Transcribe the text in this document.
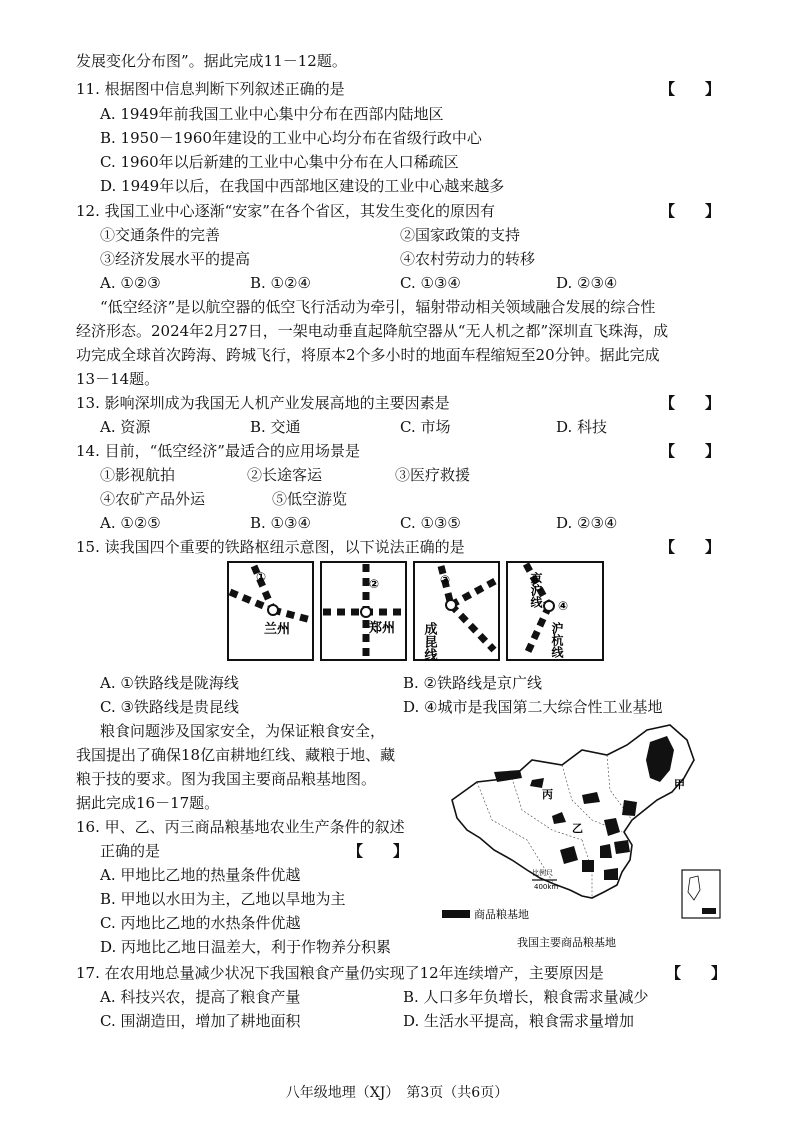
发展变化分布图”。据此完成11－12题。
11. 根据图中信息判断下列叙述正确的是	【　　】
A. 1949年前我国工业中心集中分布在西部内陆地区
B. 1950－1960年建设的工业中心均分布在省级行政中心
C. 1960年以后新建的工业中心集中分布在人口稀疏区
D. 1949年以后，在我国中西部地区建设的工业中心越来越多
12. 我国工业中心逐渐“安家”在各个省区，其发生变化的原因有	【　　】
①交通条件的完善	②国家政策的支持
③经济发展水平的提高	④农村劳动力的转移
A. ①②③	B. ①②④	C. ①③④	D. ②③④
“低空经济”是以航空器的低空飞行活动为牵引，辐射带动相关领域融合发展的综合性
经济形态。2024年2月27日，一架电动垂直起降航空器从“无人机之都”深圳直飞珠海，成
功完成全球首次跨海、跨城飞行，将原本2个多小时的地面车程缩短至20分钟。据此完成
13－14题。
13. 影响深圳成为我国无人机产业发展高地的主要因素是	【　　】
A. 资源	B. 交通	C. 市场	D. 科技
14. 目前，“低空经济”最适合的应用场景是	【　　】
①影视航拍	②长途客运	③医疗救援
④农矿产品外运	⑤低空游览
A. ①②⑤	B. ①③④	C. ①③⑤	D. ②③④
15. 读我国四个重要的铁路枢纽示意图，以下说法正确的是	【　　】
①
兰州
②
郑州
③
成昆线
京沪线 ④
沪杭线
A. ①铁路线是陇海线	B. ②铁路线是京广线
C. ③铁路线是贵昆线	D. ④城市是我国第二大综合性工业基地
粮食问题涉及国家安全，为保证粮食安全，
我国提出了确保18亿亩耕地红线、藏粮于地、藏
粮于技的要求。图为我国主要商品粮基地图。
据此完成16－17题。
16. 甲、乙、丙三商品粮基地农业生产条件的叙述
正确的是	【　　】
A. 甲地比乙地的热量条件优越
B. 甲地以水田为主，乙地以旱地为主
C. 丙地比乙地的水热条件优越
D. 丙地比乙地日温差大，利于作物养分积累
甲
乙
丙
比例尺
400km
商品粮基地
我国主要商品粮基地
17. 在农用地总量减少状况下我国粮食产量仍实现了12年连续增产，主要原因是	【　　】
A. 科技兴农，提高了粮食产量	B. 人口多年负增长，粮食需求量减少
C. 围湖造田，增加了耕地面积	D. 生活水平提高，粮食需求量增加
八年级地理（XJ）　第3页（共6页）
